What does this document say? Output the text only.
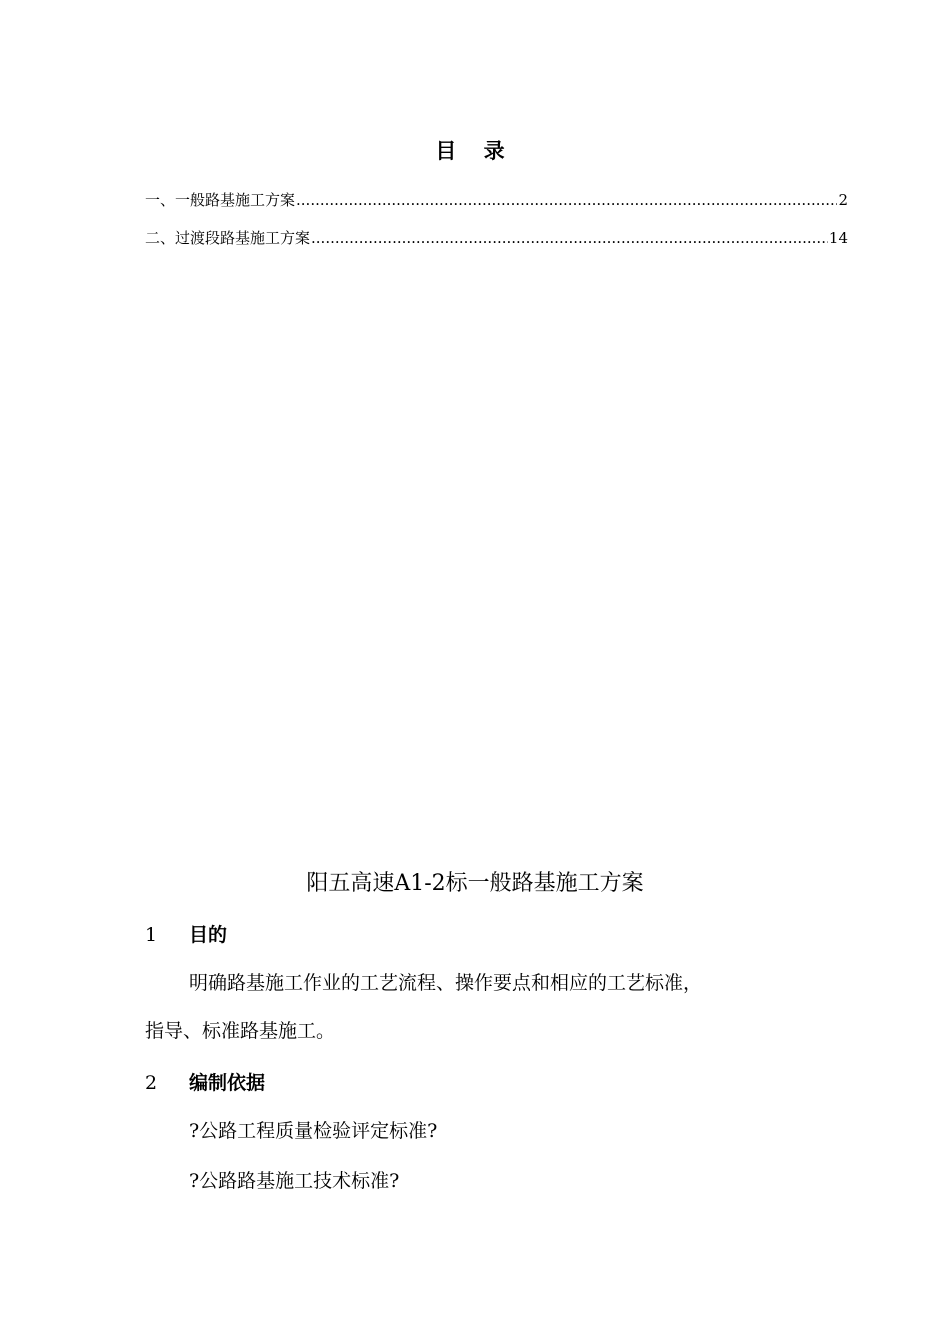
目 录
一、一般路基施工方案 .....	2
二、过渡段路基施工方案 .....	14
阳五高速A1-2标一般路基施工方案
1	目的
明确路基施工作业的工艺流程、操作要点和相应的工艺标准，
指导、标准路基施工。
2	编制依据
?公路工程质量检验评定标准?
?公路路基施工技术标准?
